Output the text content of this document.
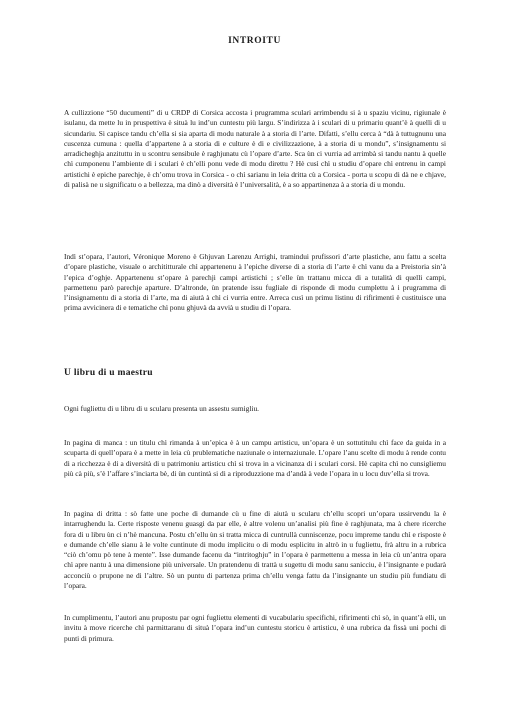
INTROITU

A cullizzione “50 ducumenti” di u CRDP di Corsica accosta i prugramma sculari arrimbendu si à u spaziu vicinu, rigiunale è isulanu, da mette lu in pruspettiva è situà lu ind’un cuntestu più largu. S’indirizza à i sculari di u primariu quant’è à quelli di u sicundariu. Si capisce tandu ch’ella si sia aparta di modu naturale à a storia di l’arte. Difatti, s’ellu cerca à “dà à tuttugnunu una cuscenza cumuna : quella d’appartene à a storia di e culture è di e civilizzazione, à a storia di u mondu”, s’insignamentu si arradicheghja anzituttu in u scontru sensibule è raghjunatu cù l’opare d’arte. Sca ùn ci vurria ad arrimbà si tandu nantu à quelle chì cumponenu l’ambiente di i sculari è ch’elli ponu vede di modu direttu ? Hè cusì chì u studiu d’opare chì entrenu in campi artistichi è epiche parechje, è ch’omu trova in Corsica - o chì sarianu in leia dritta cù a Corsica - porta u scopu di dà ne e chjave, di palisà ne u significatu o a bellezza, ma dinò a diversità è l’universalità, è a so appartinenza à a storia di u mondu.

Indì st’opara, l’autori, Véronique Moreno è Ghjuvan Larenzu Arrighi, tramindui prufissori d’arte plastiche, anu fattu a scelta d’opare plastiche, visuale o archititturale chì appartenenu à l’epiche diverse di a storia di l’arte è chì vanu da a Preistoria sin’à l’epica d’oghje. Appartenenu st’opare à parechji campi artistichi ; s’elle ùn trattanu micca di a tutalità di quelli campi, parmettenu parò parechje aparture. D’altronde, ùn pratende issu fugliale di risponde di modu cumplettu à i prugramma di l’insignamentu di a storia di l’arte, ma di aiutà à chì ci vurria entre. Arreca cusì un primu listinu di rifirimenti è custituisce una prima avvicinera di e tematiche chì ponu ghjuvà da avvià u studiu di l’opara.

U libru di u maestru

Ogni fugliettu di u libru di u scularu presenta un assestu sumigliu.

In pagina di manca : un titulu chì rimanda à un’epica è à un campu artisticu, un’opara è un sottutitulu chì face da guida in a scuparta di quell’opara è a mette in leia cù prublematiche naziunale o internaziunale. L’opare l’anu scelte di modu à rende contu di a ricchezza è di a diversità di u patrimoniu artisticu chì si trova in a vicinanza di i sculari corsi. Hè capita chì no cunsigliemu più cà più, s’è l’affare s’inciarta bè, di ùn cuntintà si di a riproduzzione ma d’andà à vede l’opara in u locu duv’ella si trova.

In pagina di dritta : sò fatte une poche di dumande cù u fine di aiutà u scularu ch’ellu scopri un’opara ussirvendu la è intarrughendu la. Certe risposte venenu guasgi da par elle, è altre volenu un’analisi più fine è raghjunata, ma à chere ricerche fora di u libru ùn ci n’hè mancuna. Postu ch’ellu ùn si tratta micca di cuntrullà cunniscenze, pocu impreme tandu chì e risposte è e dumande ch’elle sianu à le volte cuntinute di modu implicitu o di modu esplicitu in altrò in u fugliettu, frà altru in a rubrica “ciò ch’omu pò tene à mente”. Isse dumande facenu da “intritoghju” in l’opara è parmettenu a messa in leia cù un’antra opara chì apre nantu à una dimensione più universale. Un pratendenu di trattà u sugettu di modu sanu sanicciu, è l’insignante e pudarà acconciù o prupone ne di l’altre. Sò un puntu di partenza prima ch’ellu venga fattu da l’insignante un studiu più fundiatu di l’opara.

In cumplimentu, l’autori anu prupostu par ogni fugliettu elementi di vucabulariu specifichi, rifirimenti chì sò, in quant’à elli, un invitu à move ricerche chì parmittaranu di situà l’opara ind’un cuntestu storicu è artisticu, è una rubrica da fissà uni pochi di punti di primura.
